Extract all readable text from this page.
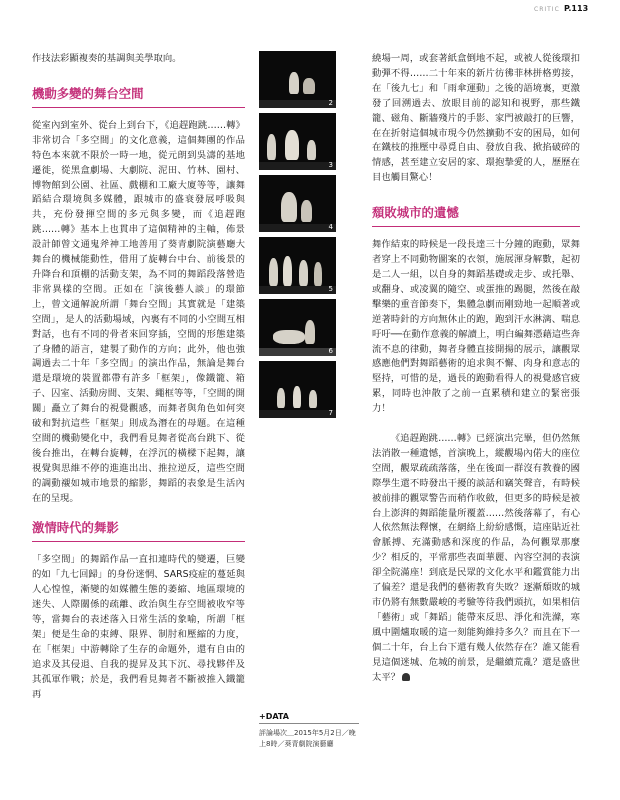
CRITIC P.113

作技法彩顯複奏的基調與美學取向。

機動多變的舞台空間

從室內到室外、從台上到台下，《追趕跑跳……轉》非常切合「多空間」的文化意義，這個舞團的作品特色本來就不限於一時一地，從元朗到吳濤的基地遷徙，從黑盒劇場、大劇院、泥田、竹林、園村、博物館到公園、社區、戲棚和工廠大廈等等，讓舞蹈結合環境與多媒體，跟城市的盛衰發展呼吸與共，充份發揮空間的多元與多變，而《追趕跑跳……轉》基本上也貫串了這個精神的主軸，佈景設計師曾文通鬼斧神工地善用了葵青劇院演藝廳大舞台的機械能動性，借用了旋轉台中台、前後景的升降台和頂棚的活動支架，為不同的舞蹈段落營造非常異樣的空間。正如在「演後藝人談」的環節上，曾文通解說所謂「舞台空間」其實就是「建築空間」，是人的活動場域，內裏有不同的小空間互相對話，也有不同的骨者來回穿插，空間的形態建築了身體的語言，建製了動作的方向；此外，他也強調過去二十年「多空間」的演出作品，無論是舞台還是環境的裝置都帶有許多「框架」，像鐵籠、箱子、囚室、活動房間、支架、繩框等等，「空間的開關」矗立了舞台的視覺觀感，而舞者與角色如何突破和對抗這些「框架」則成為潛在的母題。在這種空間的機動變化中，我們看見舞者從高台跳下、從後台推出，在轉台旋轉，在浮沉的橫樑下起舞，讓視覺與思維不停的進進出出、推拉逆反，這些空間的調動襯如城市地景的縮影，舞蹈的表象是生活內在的呈現。

激情時代的舞影

「多空間」的舞蹈作品一直扣連時代的變遷，巨變的如「九七回歸」的身份迷惘、SARS疫症的蔓延與人心惶惶，漸變的如媒體生態的萎縮、地區環境的迷失、人際關係的疏離、政治與生存空間被收窄等等，當舞台的表述落入日常生活的象喻，所謂「框架」便是生命的束縛、限界、制肘和壓縮的力度，在「框架」中游轉除了生存的命題外，還有自由的追求及其侵退、自我的提昇及其下沉、尋找夥伴及其孤軍作戰；於是，我們看見舞者不斷被推入鐵籠再

2
3
4
5
6
7
+DATA
評論場次＿2015年5月2日／晚上8時／葵青劇院演藝廳

繞場一周，或套著紙盒倒地不起，或被人從後環扣動彈不得……二十年來的新片彷彿菲林拼格剪接，在「後九七」和「雨傘運動」之後的語境裏，更激發了回溯過去、放眼目前的認知和視野，那些鐵籠、磁角、斷牆殘片的手影、家門被敲打的巨響，在在折射這個城市現今仍然擴動不安的困局，如何在鐵枝的推壓中尋覓自由、發放自我、掀掐破碎的情感，甚至建立安居的家、環抱摯愛的人，歷歷在目也觸目驚心！

頹敗城市的遺憾

舞作結束的時候是一段長達三十分鐘的跑動，眾舞者穿上不同動物圖案的衣領，施展渾身解數，起初是二人一組，以自身的舞蹈基礎或走步、或托舉、或翻身、或凌翼的隨空、或蛋推的踢腿，然後在敲擊樂的重音節奏下，集體急劇而剛勁地一起順著或逆著時針的方向無休止的跑，跑到汗水淋漓、喘息吁吁──在動作意義的解讀上，明白編舞憑藉這些奔流不息的律動，舞者身體直接開揚的展示，讓觀眾感應他們對舞蹈藝術的追求與不懈、肉身和意志的堅持，可惜的是，過長的跑動看得人的視覺感官疲累，同時也沖散了之前一直累積和建立的緊密張力！

《追趕跑跳……轉》已經演出完畢，但仍然無法消散一種遺憾，首演晚上，縱觀場內偌大的座位空間，觀眾疏疏落落，坐在後面一群沒有教養的國際學生還不時發出干擾的談話和竊笑聲音，有時候被前排的觀眾警告而稍作收斂，但更多的時候是被台上澎湃的舞蹈能量所覆蓋……然後落幕了，有心人依然無法釋懷，在網絡上紛紛感慨，這座貼近社會脈搏、充滿動感和深度的作品，為何觀眾那麼少？相反的，平常那些表面華麗、內容空洞的表演卻全院滿座！到底是民眾的文化水平和鑑賞能力出了偏差？還是我們的藝術教育失敗？逐漸頹敗的城市仍將有無數嚴峻的考驗等待我們頭抗，如果相信「藝術」或「舞蹈」能帶來反思、淨化和洗滌，寒風中圍爐取暖的這一刻能夠維持多久？而且在下一個二十年，台上台下還有幾人依然存在？誰又能看見這個迷城、危城的前景，是繼續荒亂？還是盛世太平？
